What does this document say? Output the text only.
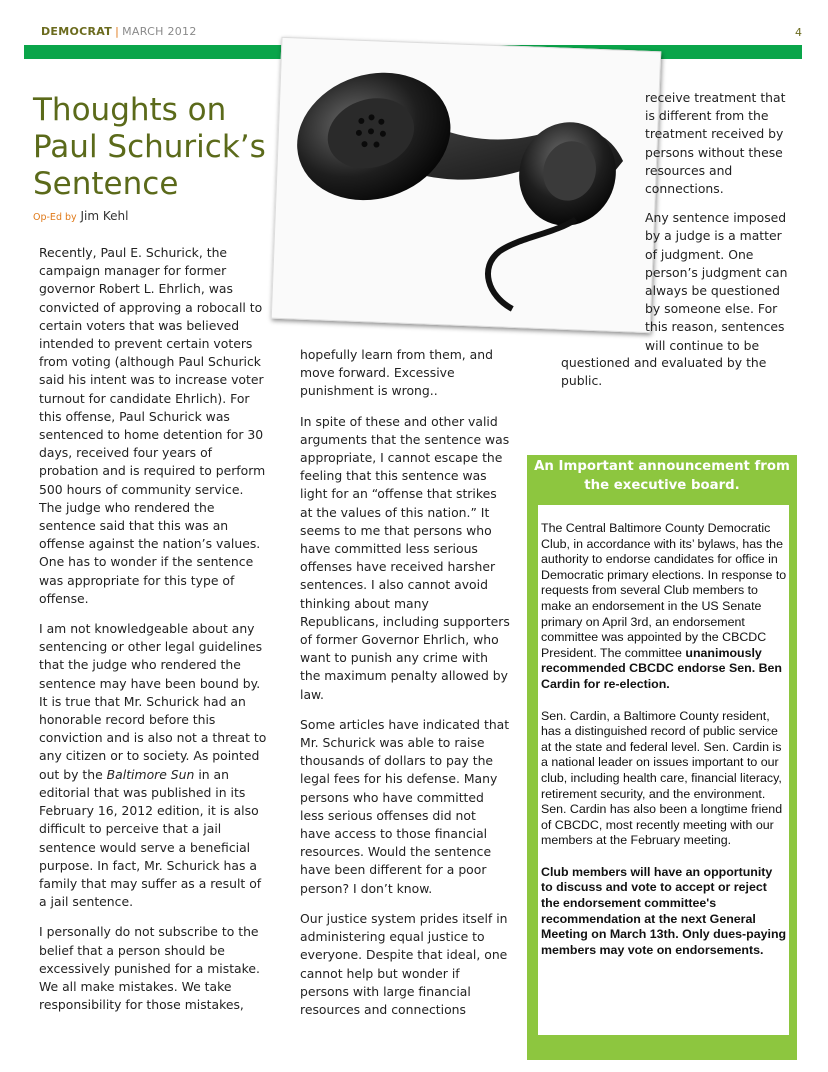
DEMOCRAT | MARCH 2012	4
Thoughts on Paul Schurick’s Sentence
Op-Ed by Jim Kehl

Recently, Paul E. Schurick, the campaign manager for former governor Robert L. Ehrlich, was convicted of approving a robocall to certain voters that was believed intended to prevent certain voters from voting (although Paul Schurick said his intent was to increase voter turnout for candidate Ehrlich). For this offense, Paul Schurick was sentenced to home detention for 30 days, received four years of probation and is required to perform 500 hours of community service. The judge who rendered the sentence said that this was an offense against the nation’s values. One has to wonder if the sentence was appropriate for this type of offense.

I am not knowledgeable about any sentencing or other legal guidelines that the judge who rendered the sentence may have been bound by. It is true that Mr. Schurick had an honorable record before this conviction and is also not a threat to any citizen or to society. As pointed out by the Baltimore Sun in an editorial that was published in its February 16, 2012 edition, it is also difficult to perceive that a jail sentence would serve a beneficial purpose. In fact, Mr. Schurick has a family that may suffer as a result of a jail sentence.

I personally do not subscribe to the belief that a person should be excessively punished for a mistake. We all make mistakes. We take responsibility for those mistakes,

hopefully learn from them, and move forward. Excessive punishment is wrong..

In spite of these and other valid arguments that the sentence was appropriate, I cannot escape the feeling that this sentence was light for an “offense that strikes at the values of this nation.” It seems to me that persons who have committed less serious offenses have received harsher sentences. I also cannot avoid thinking about many Republicans, including supporters of former Governor Ehrlich, who want to punish any crime with the maximum penalty allowed by law.

Some articles have indicated that Mr. Schurick was able to raise thousands of dollars to pay the legal fees for his defense. Many persons who have committed less serious offenses did not have access to those financial resources. Would the sentence have been different for a poor person? I don’t know.

Our justice system prides itself in administering equal justice to everyone. Despite that ideal, one cannot help but wonder if persons with large financial resources and connections

receive treatment that is different from the treatment received by persons without these resources and connections.

Any sentence imposed by a judge is a matter of judgment. One person’s judgment can always be questioned by someone else. For this reason, sentences will continue to be

questioned and evaluated by the public.

An Important announcement from the executive board.

The Central Baltimore County Democratic Club, in accordance with its’ bylaws, has the authority to endorse candidates for office in Democratic primary elections. In response to requests from several Club members to make an endorsement in the US Senate primary on April 3rd, an endorsement committee was appointed by the CBCDC President. The committee unanimously recommended CBCDC endorse Sen. Ben Cardin for re-election.

Sen. Cardin, a Baltimore County resident, has a distinguished record of public service at the state and federal level. Sen. Cardin is a national leader on issues important to our club, including health care, financial literacy, retirement security, and the environment. Sen. Cardin has also been a longtime friend of CBCDC, most recently meeting with our members at the February meeting.

Club members will have an opportunity to discuss and vote to accept or reject the endorsement committee's recommendation at the next General Meeting on March 13th. Only dues-paying members may vote on endorsements.
